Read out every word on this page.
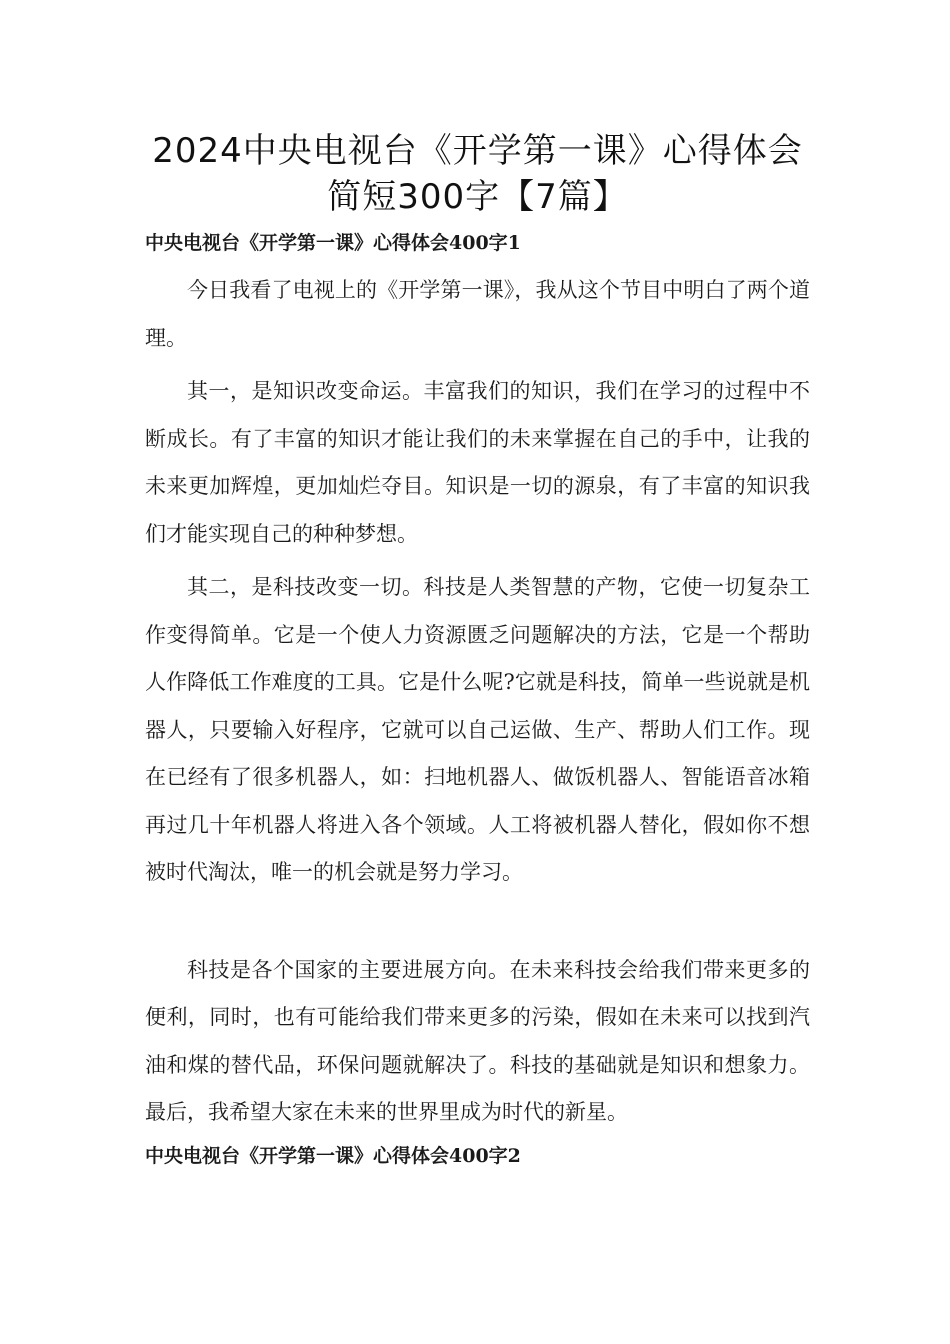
2024中央电视台《开学第一课》心得体会简短300字【7篇】
中央电视台《开学第一课》心得体会400字1

今日我看了电视上的《开学第一课》，我从这个节目中明白了两个道理。

其一，是知识改变命运。丰富我们的知识，我们在学习的过程中不断成长。有了丰富的知识才能让我们的未来掌握在自己的手中，让我的未来更加辉煌，更加灿烂夺目。知识是一切的源泉，有了丰富的知识我们才能实现自己的种种梦想。

其二，是科技改变一切。科技是人类智慧的产物，它使一切复杂工作变得简单。它是一个使人力资源匮乏问题解决的方法，它是一个帮助人作降低工作难度的工具。它是什么呢?它就是科技，简单一些说就是机器人，只要输入好程序，它就可以自己运做、生产、帮助人们工作。现在已经有了很多机器人，如：扫地机器人、做饭机器人、智能语音冰箱再过几十年机器人将进入各个领域。人工将被机器人替化，假如你不想被时代淘汰，唯一的机会就是努力学习。

科技是各个国家的主要进展方向。在未来科技会给我们带来更多的便利，同时，也有可能给我们带来更多的污染，假如在未来可以找到汽油和煤的替代品，环保问题就解决了。科技的基础就是知识和想象力。最后，我希望大家在未来的世界里成为时代的新星。

中央电视台《开学第一课》心得体会400字2
